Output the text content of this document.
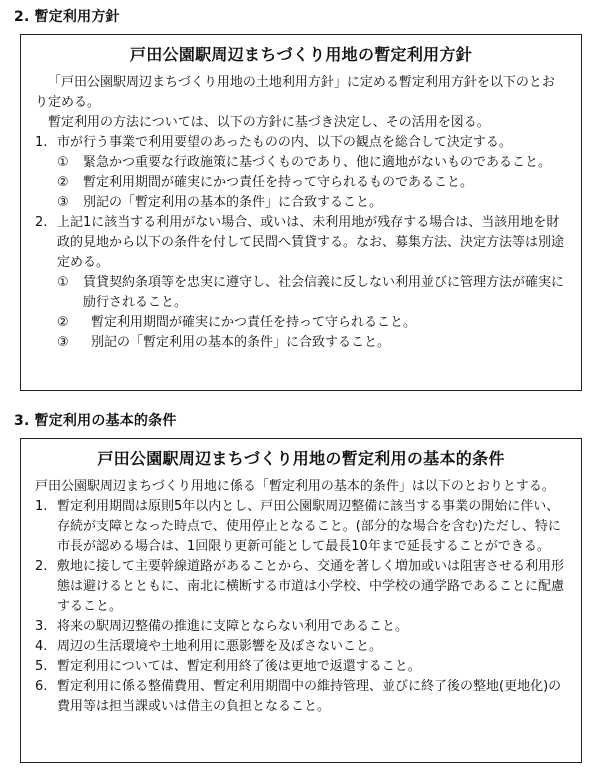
2. 暫定利用方針
戸田公園駅周辺まちづくり用地の暫定利用方針

「戸田公園駅周辺まちづくり用地の土地利用方針」に定める暫定利用方針を以下のとおり定める。

暫定利用の方法については、以下の方針に基づき決定し、その活用を図る。

1. 市が行う事業で利用要望のあったものの内、以下の観点を総合して決定する。
①	緊急かつ重要な行政施策に基づくものであり、他に適地がないものであること。
②	暫定利用期間が確実にかつ責任を持って守られるものであること。
③	別記の「暫定利用の基本的条件」に合致すること。
2. 上記1に該当する利用がない場合、或いは、未利用地が残存する場合は、当該用地を財政的見地から以下の条件を付して民間へ賃貸する。なお、募集方法、決定方法等は別途定める。
①	賃貸契約条項等を忠実に遵守し、社会信義に反しない利用並びに管理方法が確実に励行されること。
②	暫定利用期間が確実にかつ責任を持って守られること。
③	別記の「暫定利用の基本的条件」に合致すること。
3. 暫定利用の基本的条件
戸田公園駅周辺まちづくり用地の暫定利用の基本的条件

戸田公園駅周辺まちづくり用地に係る「暫定利用の基本的条件」は以下のとおりとする。

1. 暫定利用期間は原則5年以内とし、戸田公園駅周辺整備に該当する事業の開始に伴い、存続が支障となった時点で、使用停止となること。(部分的な場合を含む)ただし、特に市長が認める場合は、1回限り更新可能として最長10年まで延長することができる。
2. 敷地に接して主要幹線道路があることから、交通を著しく増加或いは阻害させる利用形態は避けるとともに、南北に横断する市道は小学校、中学校の通学路であることに配慮すること。
3. 将来の駅周辺整備の推進に支障とならない利用であること。
4. 周辺の生活環境や土地利用に悪影響を及ぼさないこと。
5. 暫定利用については、暫定利用終了後は更地で返還すること。
6. 暫定利用に係る整備費用、暫定利用期間中の維持管理、並びに終了後の整地(更地化)の費用等は担当課或いは借主の負担となること。
